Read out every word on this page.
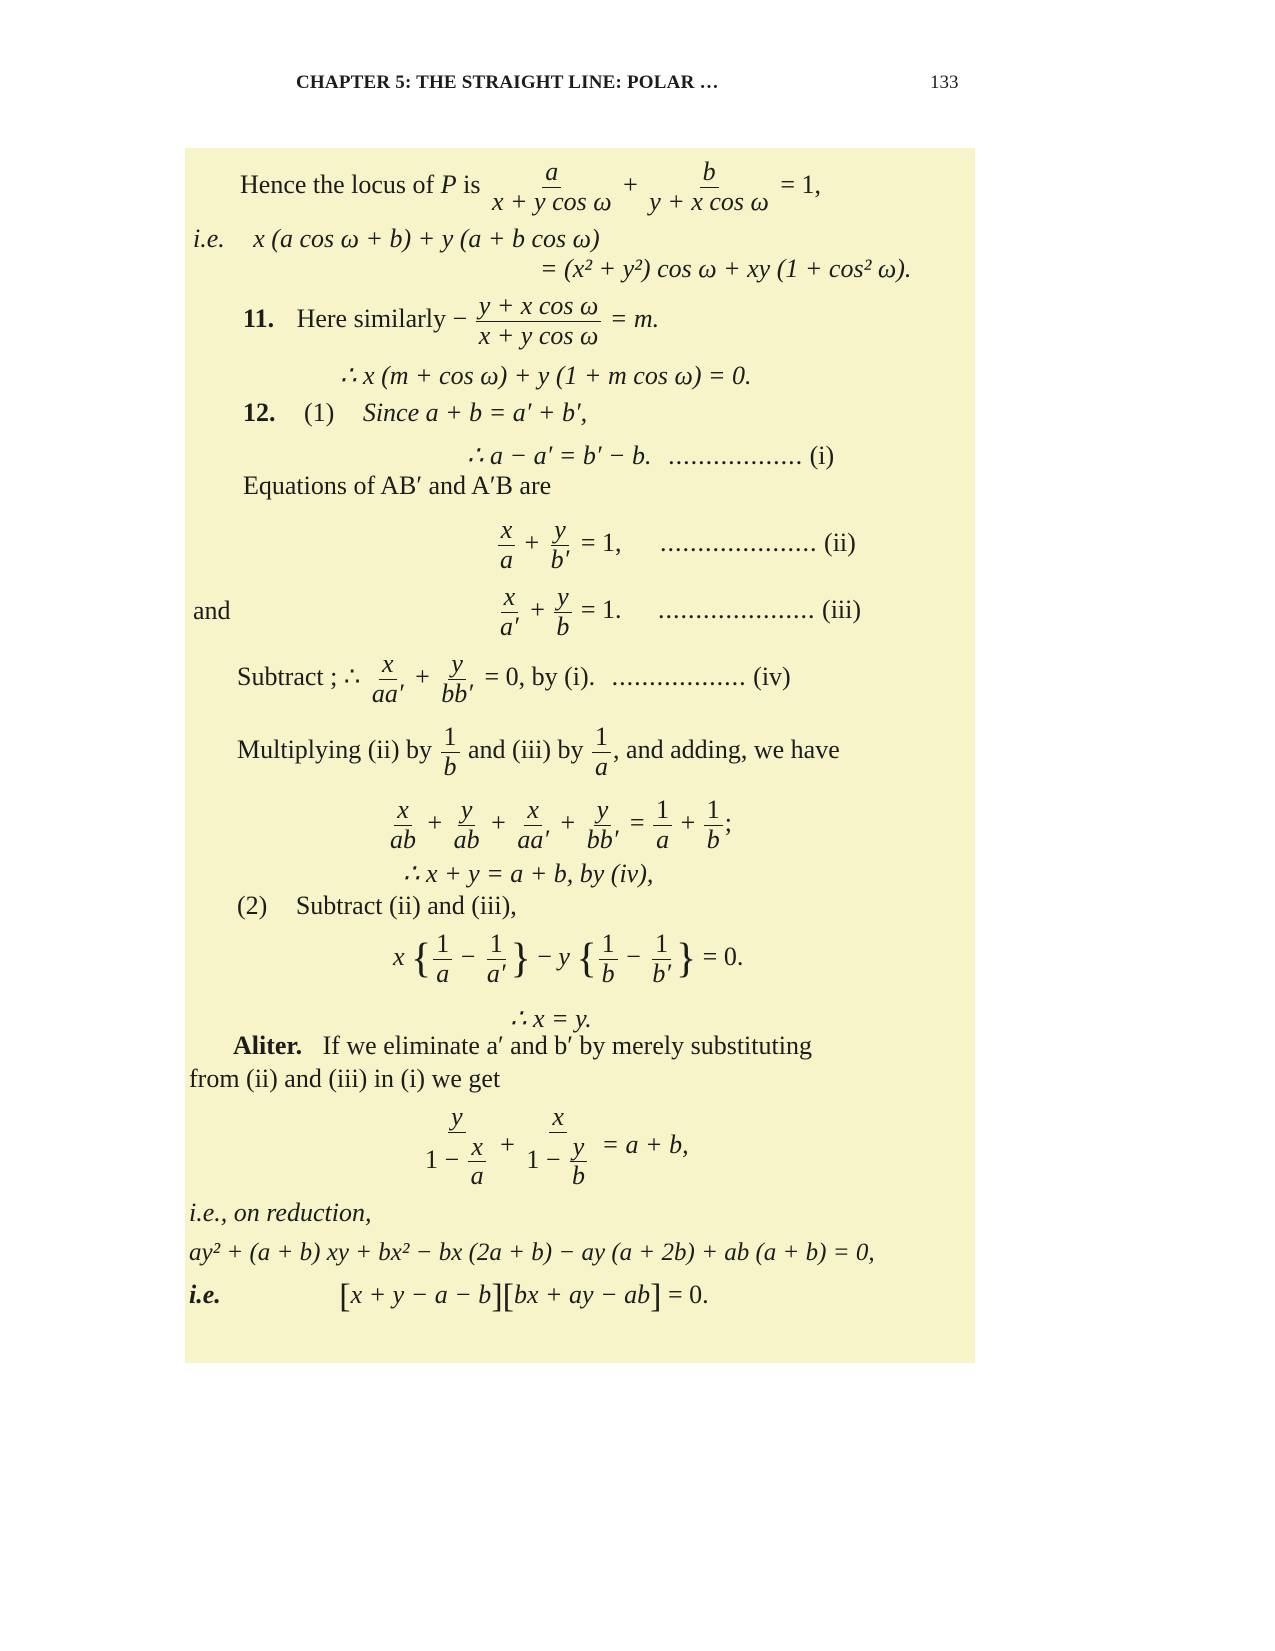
CHAPTER 5: THE STRAIGHT LINE: POLAR …	133
Hence the locus of P is $\frac{a}{\text{x + y cos ω}} + \frac{b}{\text{y + x cos ω}} = 1$,
i.e. x (a cos ω + b) + y (a + b cos ω)
= (x² + y²) cos ω + xy (1 + cos² ω).
11. Here similarly − $\frac{\text{y + x cos ω}}{\text{x + y cos ω}} = m$.
∴ x (m + cos ω) + y (1 + m cos ω) = 0.
12. (1) Since a + b = a′ + b′,
∴ a − a′ = b′ − b. .................. (i)
Equations of AB′ and A′B are
$\frac{x}{a} + \frac{y}{b'} = 1$, ..................... (ii)
and	$\frac{x}{a'} + \frac{y}{b} = 1$. ..................... (iii)
Subtract ; ∴ $\frac{x}{aa'} + \frac{y}{bb'} = 0$, by (i). .................. (iv)
Multiplying (ii) by $\frac{1}{b}$ and (iii) by $\frac{1}{a}$ , and adding, we have
$\frac{x}{ab} + \frac{y}{ab} + \frac{x}{aa'} + \frac{y}{bb'} = \frac{1}{a} + \frac{1}{b}$ ;
∴ x + y = a + b, by (iv),
(2) Subtract (ii) and (iii),
x { $\frac{1}{a} - \frac{1}{a'}$ } − y { $\frac{1}{b} - \frac{1}{b'}$ } = 0.
∴ x = y.
Aliter. If we eliminate a′ and b′ by merely substituting
from (ii) and (iii) in (i) we get
$\frac{y}{1 - \frac{x}{a}} + \frac{x}{1 - \frac{y}{b}} = a + b$,
i.e., on reduction,
ay² + (a + b) xy + bx² − bx (2a + b) − ay (a + 2b) + ab (a + b) = 0,
i.e.	[x + y − a − b][bx + ay − ab] = 0.
